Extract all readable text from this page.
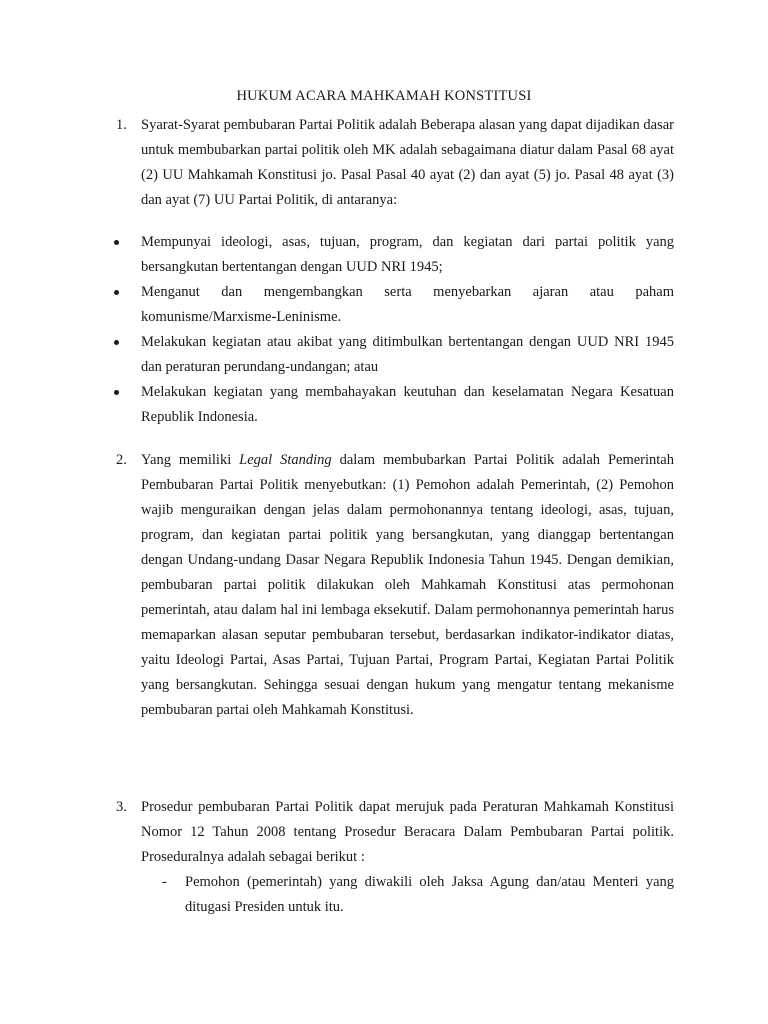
HUKUM ACARA MAHKAMAH KONSTITUSI
1. Syarat-Syarat pembubaran Partai Politik adalah Beberapa alasan yang dapat dijadikan dasar untuk membubarkan partai politik oleh MK adalah sebagaimana diatur dalam Pasal 68 ayat (2) UU Mahkamah Konstitusi jo. Pasal Pasal 40 ayat (2) dan ayat (5) jo. Pasal 48 ayat (3) dan ayat (7) UU Partai Politik, di antaranya:

Mempunyai ideologi, asas, tujuan, program, dan kegiatan dari partai politik yang bersangkutan bertentangan dengan UUD NRI 1945;

Menganut dan mengembangkan serta menyebarkan ajaran atau paham komunisme/Marxisme-Leninisme.

Melakukan kegiatan atau akibat yang ditimbulkan bertentangan dengan UUD NRI 1945 dan peraturan perundang-undangan; atau

Melakukan kegiatan yang membahayakan keutuhan dan keselamatan Negara Kesatuan Republik Indonesia.

2. Yang memiliki Legal Standing dalam membubarkan Partai Politik adalah Pemerintah Pembubaran Partai Politik menyebutkan: (1) Pemohon adalah Pemerintah, (2) Pemohon wajib menguraikan dengan jelas dalam permohonannya tentang ideologi, asas, tujuan, program, dan kegiatan partai politik yang bersangkutan, yang dianggap bertentangan dengan Undang-undang Dasar Negara Republik Indonesia Tahun 1945. Dengan demikian, pembubaran partai politik dilakukan oleh Mahkamah Konstitusi atas permohonan pemerintah, atau dalam hal ini lembaga eksekutif. Dalam permohonannya pemerintah harus memaparkan alasan seputar pembubaran tersebut, berdasarkan indikator-indikator diatas, yaitu Ideologi Partai, Asas Partai, Tujuan Partai, Program Partai, Kegiatan Partai Politik yang bersangkutan. Sehingga sesuai dengan hukum yang mengatur tentang mekanisme pembubaran partai oleh Mahkamah Konstitusi.

3. Prosedur pembubaran Partai Politik dapat merujuk pada Peraturan Mahkamah Konstitusi Nomor 12 Tahun 2008 tentang Prosedur Beracara Dalam Pembubaran Partai politik. Proseduralnya adalah sebagai berikut :

- Pemohon (pemerintah) yang diwakili oleh Jaksa Agung dan/atau Menteri yang ditugasi Presiden untuk itu.
